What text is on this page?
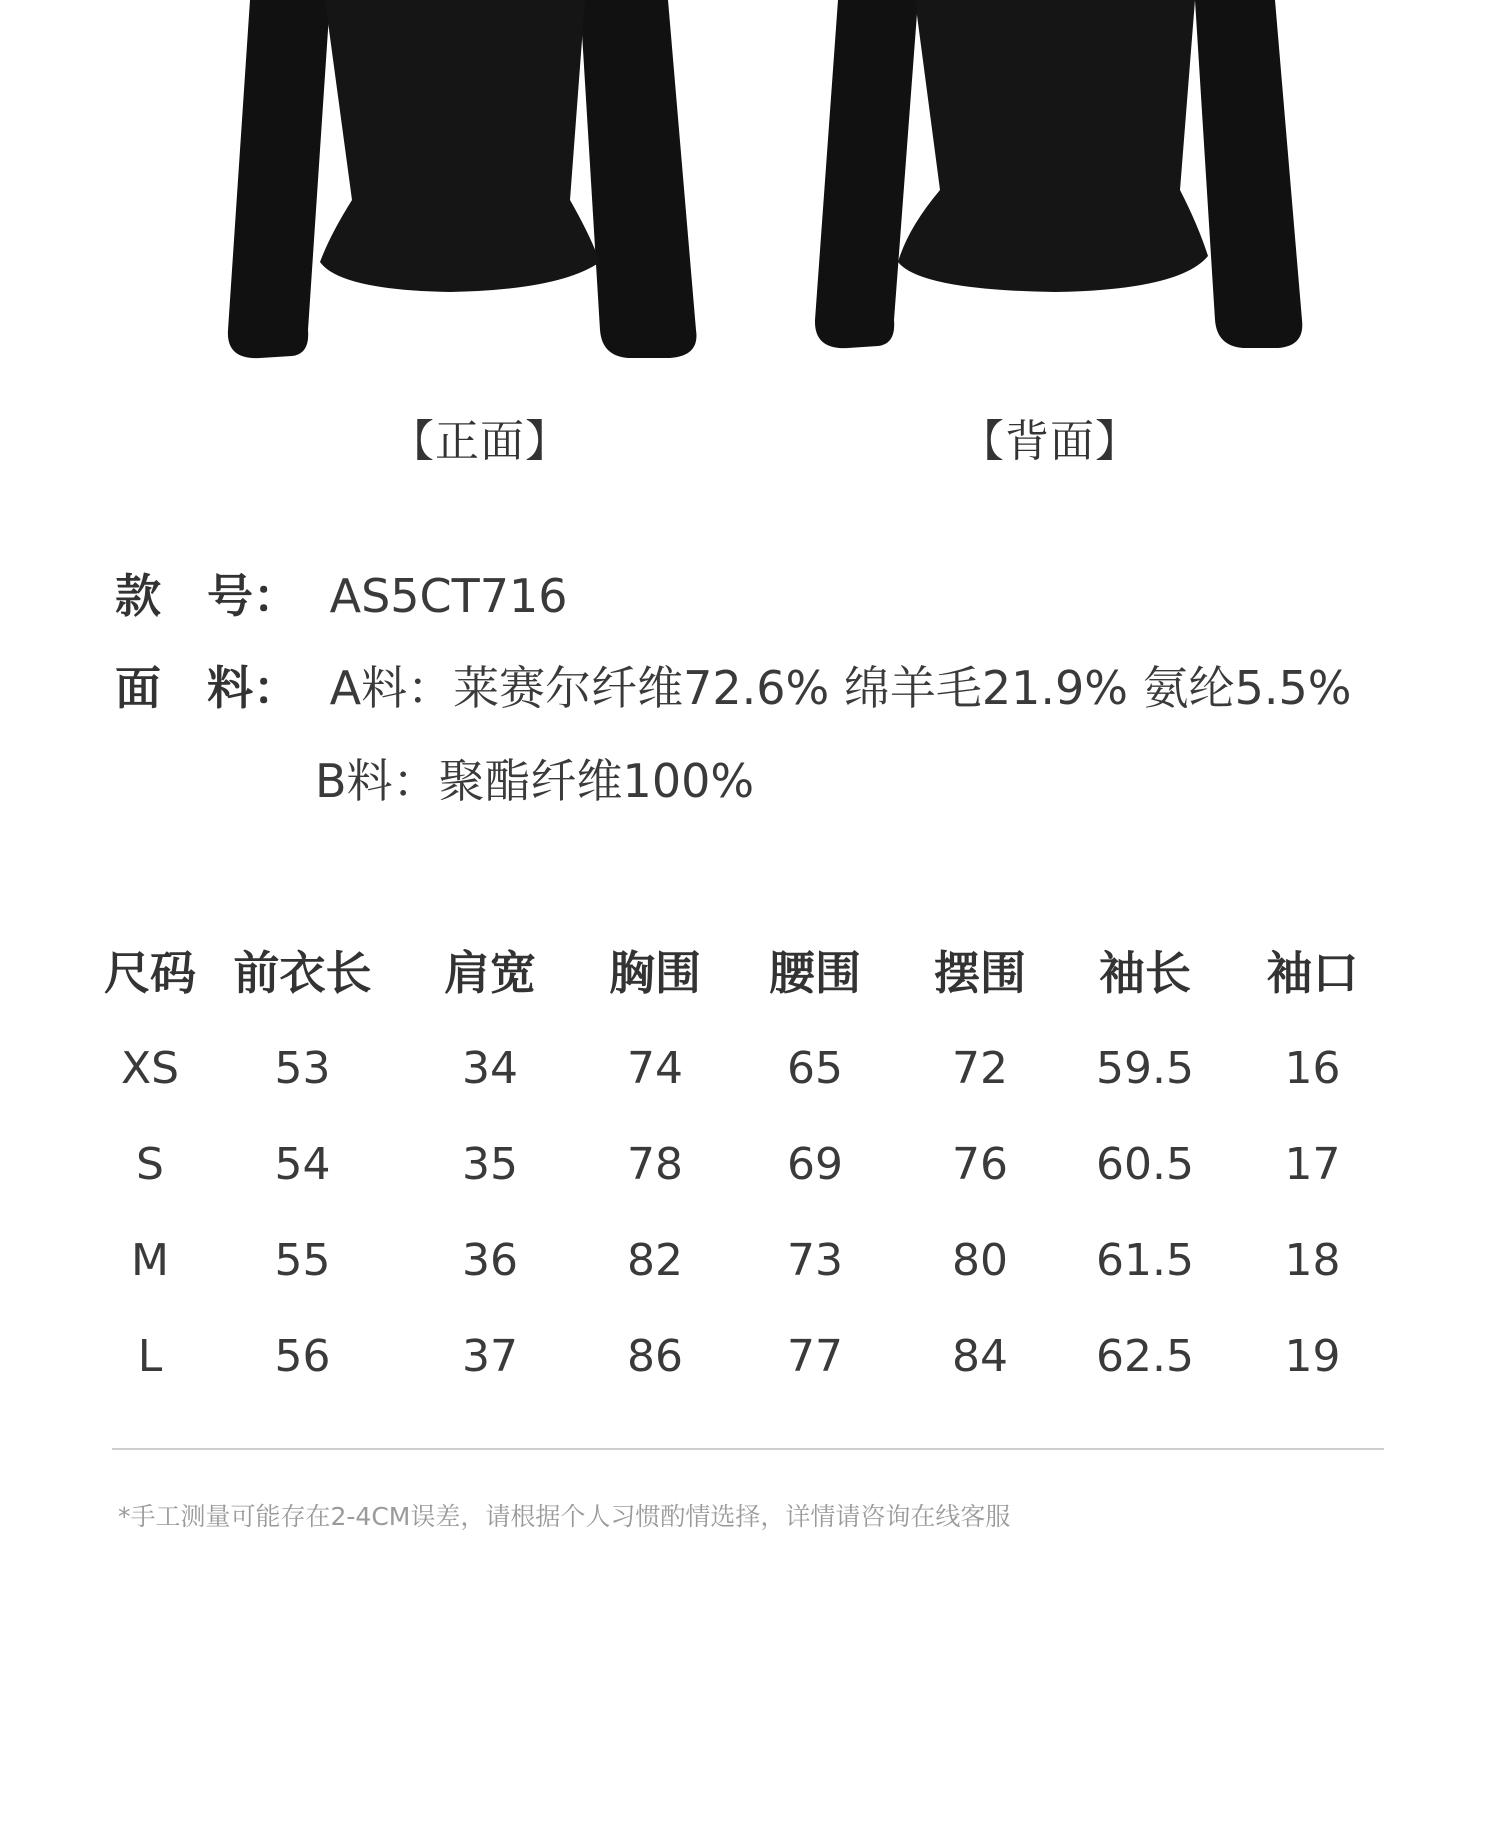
【正面】	【背面】
款　号： AS5CT716
面　料： A料：莱赛尔纤维72.6% 绵羊毛21.9% 氨纶5.5%
B料：聚酯纤维100%
尺码	前衣长	肩宽	胸围	腰围	摆围	袖长	袖口
XS	53	34	74	65	72	59.5	16
S	54	35	78	69	76	60.5	17
M	55	36	82	73	80	61.5	18
L	56	37	86	77	84	62.5	19
*手工测量可能存在2-4CM误差，请根据个人习惯酌情选择，详情请咨询在线客服
